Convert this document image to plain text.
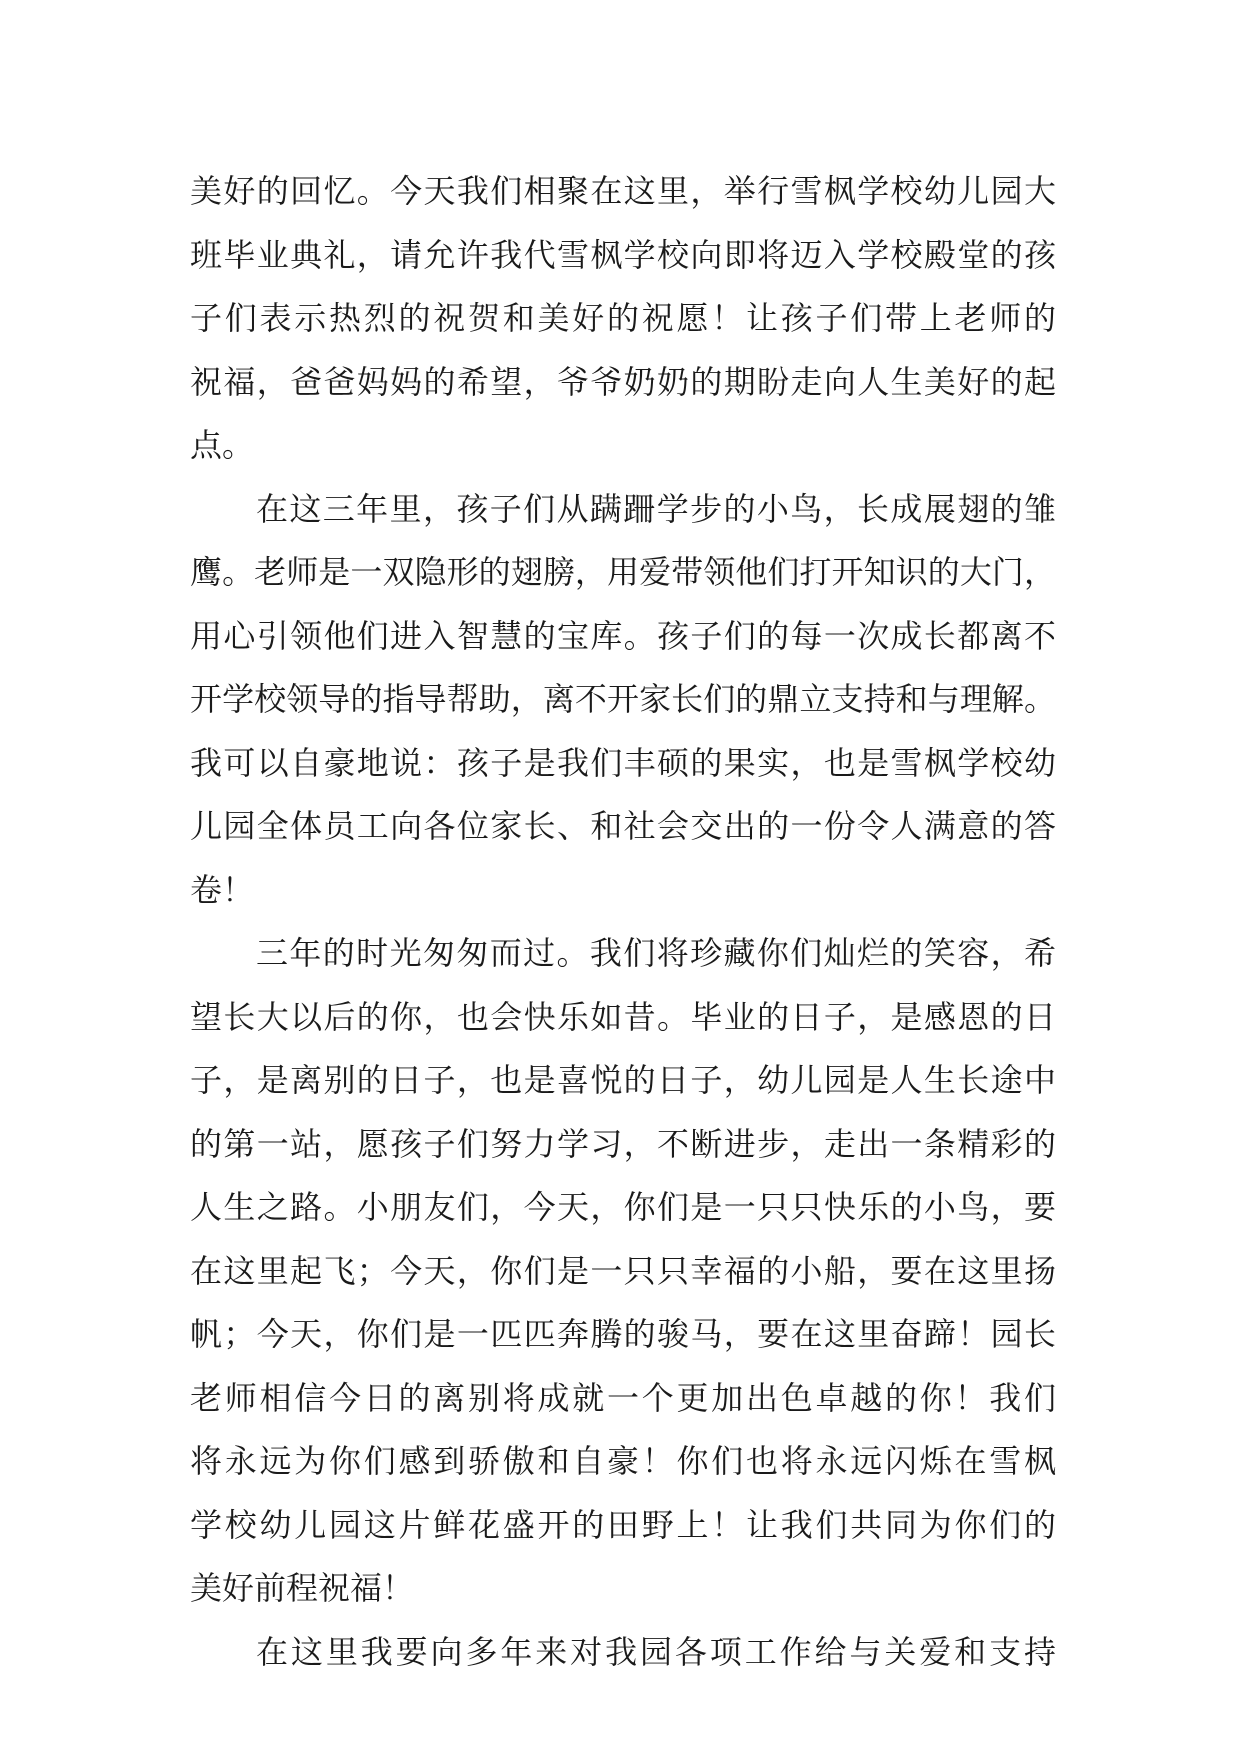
美好的回忆。今天我们相聚在这里，举行雪枫学校幼儿园大
班毕业典礼，请允许我代雪枫学校向即将迈入学校殿堂的孩
子们表示热烈的祝贺和美好的祝愿！让孩子们带上老师的
祝福，爸爸妈妈的希望，爷爷奶奶的期盼走向人生美好的起
点。
在这三年里，孩子们从蹒跚学步的小鸟，长成展翅的雏
鹰。老师是一双隐形的翅膀，用爱带领他们打开知识的大门，
用心引领他们进入智慧的宝库。孩子们的每一次成长都离不
开学校领导的指导帮助，离不开家长们的鼎立支持和与理解。
我可以自豪地说：孩子是我们丰硕的果实，也是雪枫学校幼
儿园全体员工向各位家长、和社会交出的一份令人满意的答
卷！
三年的时光匆匆而过。我们将珍藏你们灿烂的笑容，希
望长大以后的你，也会快乐如昔。毕业的日子，是感恩的日
子，是离别的日子，也是喜悦的日子，幼儿园是人生长途中
的第一站，愿孩子们努力学习，不断进步，走出一条精彩的
人生之路。小朋友们，今天，你们是一只只快乐的小鸟，要
在这里起飞；今天，你们是一只只幸福的小船，要在这里扬
帆；今天，你们是一匹匹奔腾的骏马，要在这里奋蹄！园长
老师相信今日的离别将成就一个更加出色卓越的你！我们
将永远为你们感到骄傲和自豪！你们也将永远闪烁在雪枫
学校幼儿园这片鲜花盛开的田野上！让我们共同为你们的
美好前程祝福！
在这里我要向多年来对我园各项工作给与关爱和支持
